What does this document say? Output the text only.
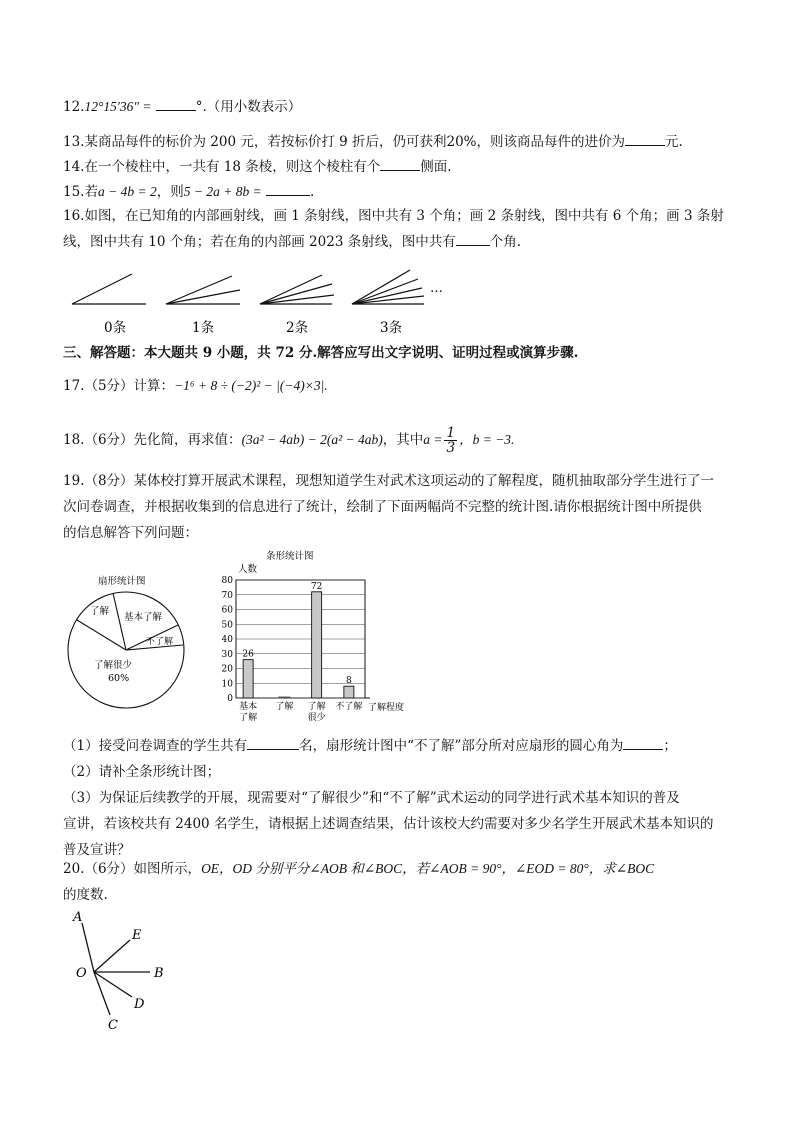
12.12°15′36″ =	°.（用小数表示）
13.某商品每件的标价为 200 元，若按标价打 9 折后，仍可获利20%，则该商品每件的进价为	元.
14.在一个棱柱中，一共有 18 条棱，则这个棱柱有个	侧面.
15.若a − 4b = 2，则5 − 2a + 8b =	.
16.如图，在已知角的内部画射线，画 1 条射线，图中共有 3 个角；画 2 条射线，图中共有 6 个角；画 3 条射
线，图中共有 10 个角；若在角的内部画 2023 条射线，图中共有	个角.
…
0条	1条	2条	3条
三、解答题：本大题共 9 小题，共 72 分.解答应写出文字说明、证明过程或演算步骤.
17.（5分）计算：−1⁶ + 8 ÷ (−2)² − |(−4)×3|.
18.（6分）先化简，再求值：(3a² − 4ab) − 2(a² − 4ab)，其中$a = \frac{1}{3}$ ，b = −3.
19.（8分）某体校打算开展武术课程，现想知道学生对武术这项运动的了解程度，随机抽取部分学生进行了一
次问卷调查，并根据收集到的信息进行了统计，绘制了下面两幅尚不完整的统计图.请你根据统计图中所提供
的信息解答下列问题：
扇形统计图
了解
基本了解
不了解
了解很少
60%
条形统计图
人数
了解程度
0
10
20
30
40
50
60
70
80
26
72
8
基本
了解
了解 了解
很少
不了解
（1）接受问卷调查的学生共有	名，扇形统计图中“不了解”部分所对应扇形的圆心角为	；
（2）请补全条形统计图；
（3）为保证后续教学的开展，现需要对“了解很少”和“不了解”武术运动的同学进行武术基本知识的普及
宣讲，若该校共有 2400 名学生，请根据上述调查结果，估计该校大约需要对多少名学生开展武术基本知识的
普及宣讲？
20.（6分）如图所示，OE，OD 分别平分∠AOB 和∠BOC，若∠AOB = 90°，∠EOD = 80°，求∠BOC
的度数.
A
E
O	B
D
C
